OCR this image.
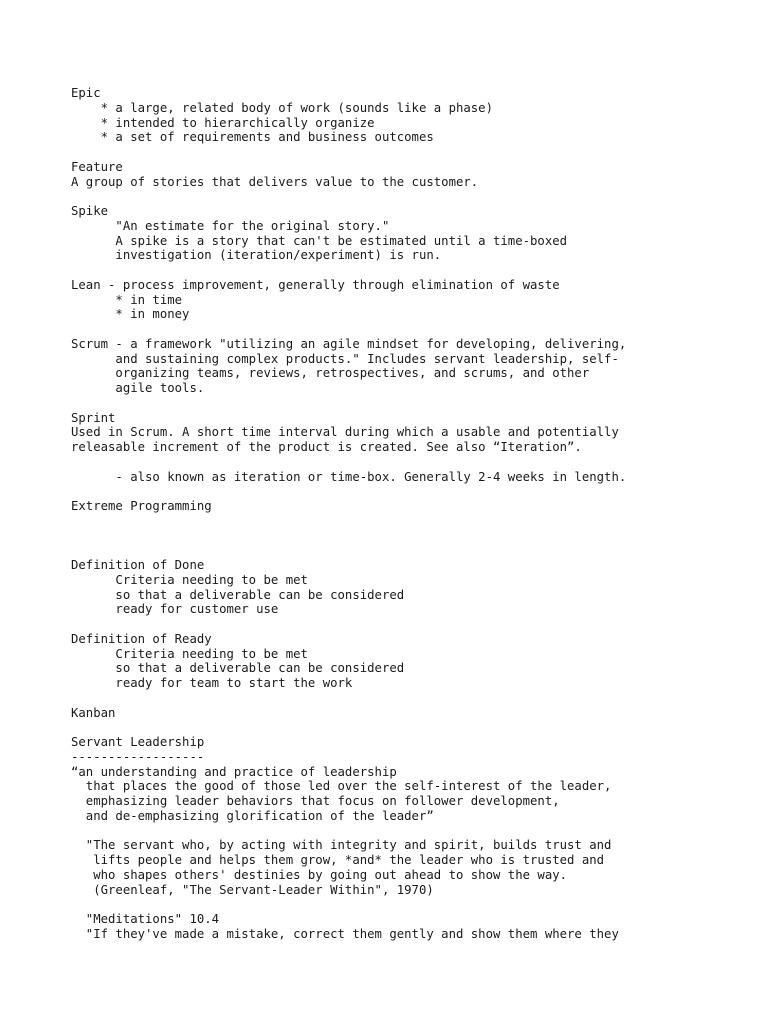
Epic
* a large, related body of work (sounds like a phase)
* intended to hierarchically organize
* a set of requirements and business outcomes
Feature
A group of stories that delivers value to the customer.
Spike
"An estimate for the original story."
A spike is a story that can't be estimated until a time-boxed
investigation (iteration/experiment) is run.
Lean - process improvement, generally through elimination of waste
* in time
* in money
Scrum - a framework "utilizing an agile mindset for developing, delivering,
and sustaining complex products." Includes servant leadership, self-
organizing teams, reviews, retrospectives, and scrums, and other
agile tools.
Sprint
Used in Scrum. A short time interval during which a usable and potentially
releasable increment of the product is created. See also “Iteration”.
- also known as iteration or time-box. Generally 2-4 weeks in length.
Extreme Programming
Definition of Done
Criteria needing to be met
so that a deliverable can be considered
ready for customer use
Definition of Ready
Criteria needing to be met
so that a deliverable can be considered
ready for team to start the work
Kanban
Servant Leadership
------------------
“an understanding and practice of leadership
that places the good of those led over the self-interest of the leader,
emphasizing leader behaviors that focus on follower development,
and de-emphasizing glorification of the leader”
"The servant who, by acting with integrity and spirit, builds trust and
lifts people and helps them grow, *and* the leader who is trusted and
who shapes others' destinies by going out ahead to show the way.
(Greenleaf, "The Servant-Leader Within", 1970)
"Meditations" 10.4
"If they've made a mistake, correct them gently and show them where they
